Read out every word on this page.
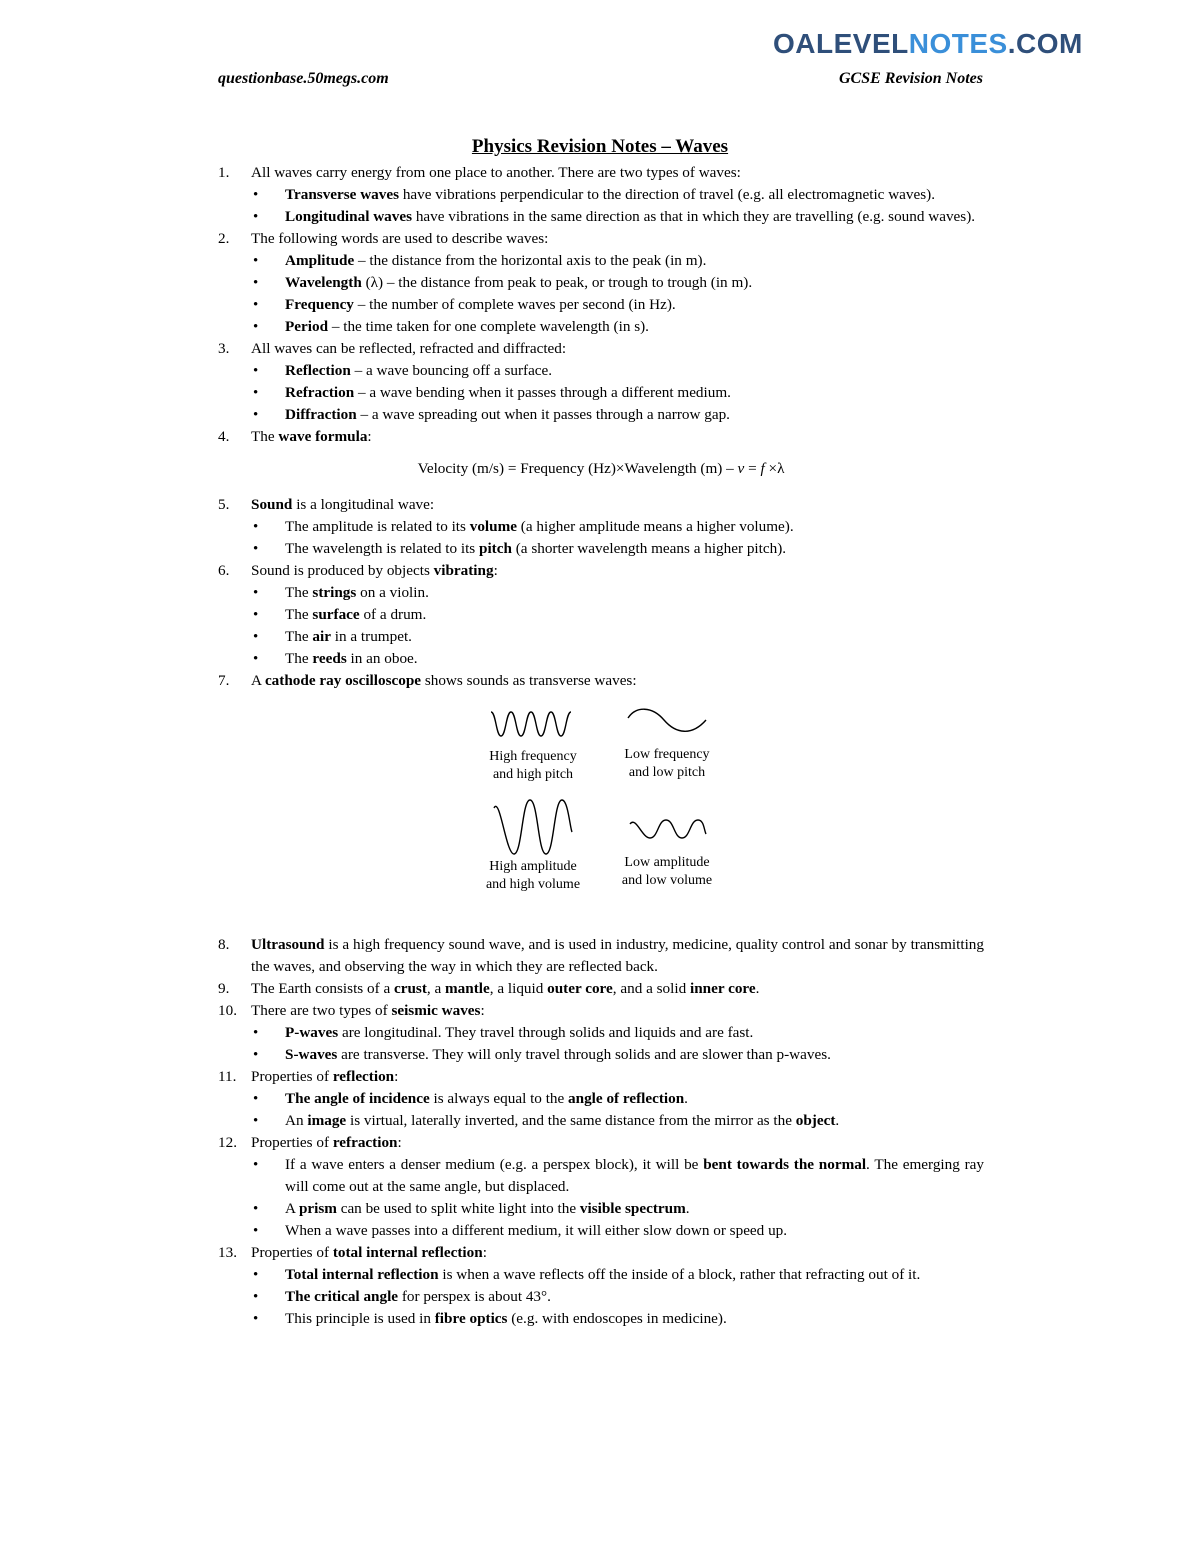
OALEVELNOTES.COM
questionbase.50megs.com	GCSE Revision Notes
Physics Revision Notes – Waves
1. All waves carry energy from one place to another. There are two types of waves:
• Transverse waves have vibrations perpendicular to the direction of travel (e.g. all electromagnetic waves).
• Longitudinal waves have vibrations in the same direction as that in which they are travelling (e.g. sound waves).
2. The following words are used to describe waves:
• Amplitude – the distance from the horizontal axis to the peak (in m).
• Wavelength (λ) – the distance from peak to peak, or trough to trough (in m).
• Frequency – the number of complete waves per second (in Hz).
• Period – the time taken for one complete wavelength (in s).
3. All waves can be reflected, refracted and diffracted:
• Reflection – a wave bouncing off a surface.
• Refraction – a wave bending when it passes through a different medium.
• Diffraction – a wave spreading out when it passes through a narrow gap.
4. The wave formula:
Velocity (m/s) = Frequency (Hz)×Wavelength (m) – v = f ×λ
5. Sound is a longitudinal wave:
• The amplitude is related to its volume (a higher amplitude means a higher volume).
• The wavelength is related to its pitch (a shorter wavelength means a higher pitch).
6. Sound is produced by objects vibrating:
• The strings on a violin.
• The surface of a drum.
• The air in a trumpet.
• The reeds in an oboe.
7. A cathode ray oscilloscope shows sounds as transverse waves:
High frequency
and high pitch
Low frequency
and low pitch
High amplitude
and high volume
Low amplitude
and low volume
8. Ultrasound is a high frequency sound wave, and is used in industry, medicine, quality control and sonar by transmitting the waves, and observing the way in which they are reflected back.
9. The Earth consists of a crust, a mantle, a liquid outer core, and a solid inner core.
10. There are two types of seismic waves:
• P-waves are longitudinal. They travel through solids and liquids and are fast.
• S-waves are transverse. They will only travel through solids and are slower than p-waves.
11. Properties of reflection:
• The angle of incidence is always equal to the angle of reflection.
• An image is virtual, laterally inverted, and the same distance from the mirror as the object.
12. Properties of refraction:
• If a wave enters a denser medium (e.g. a perspex block), it will be bent towards the normal. The emerging ray will come out at the same angle, but displaced.
• A prism can be used to split white light into the visible spectrum.
• When a wave passes into a different medium, it will either slow down or speed up.
13. Properties of total internal reflection:
• Total internal reflection is when a wave reflects off the inside of a block, rather that refracting out of it.
• The critical angle for perspex is about 43°.
• This principle is used in fibre optics (e.g. with endoscopes in medicine).
